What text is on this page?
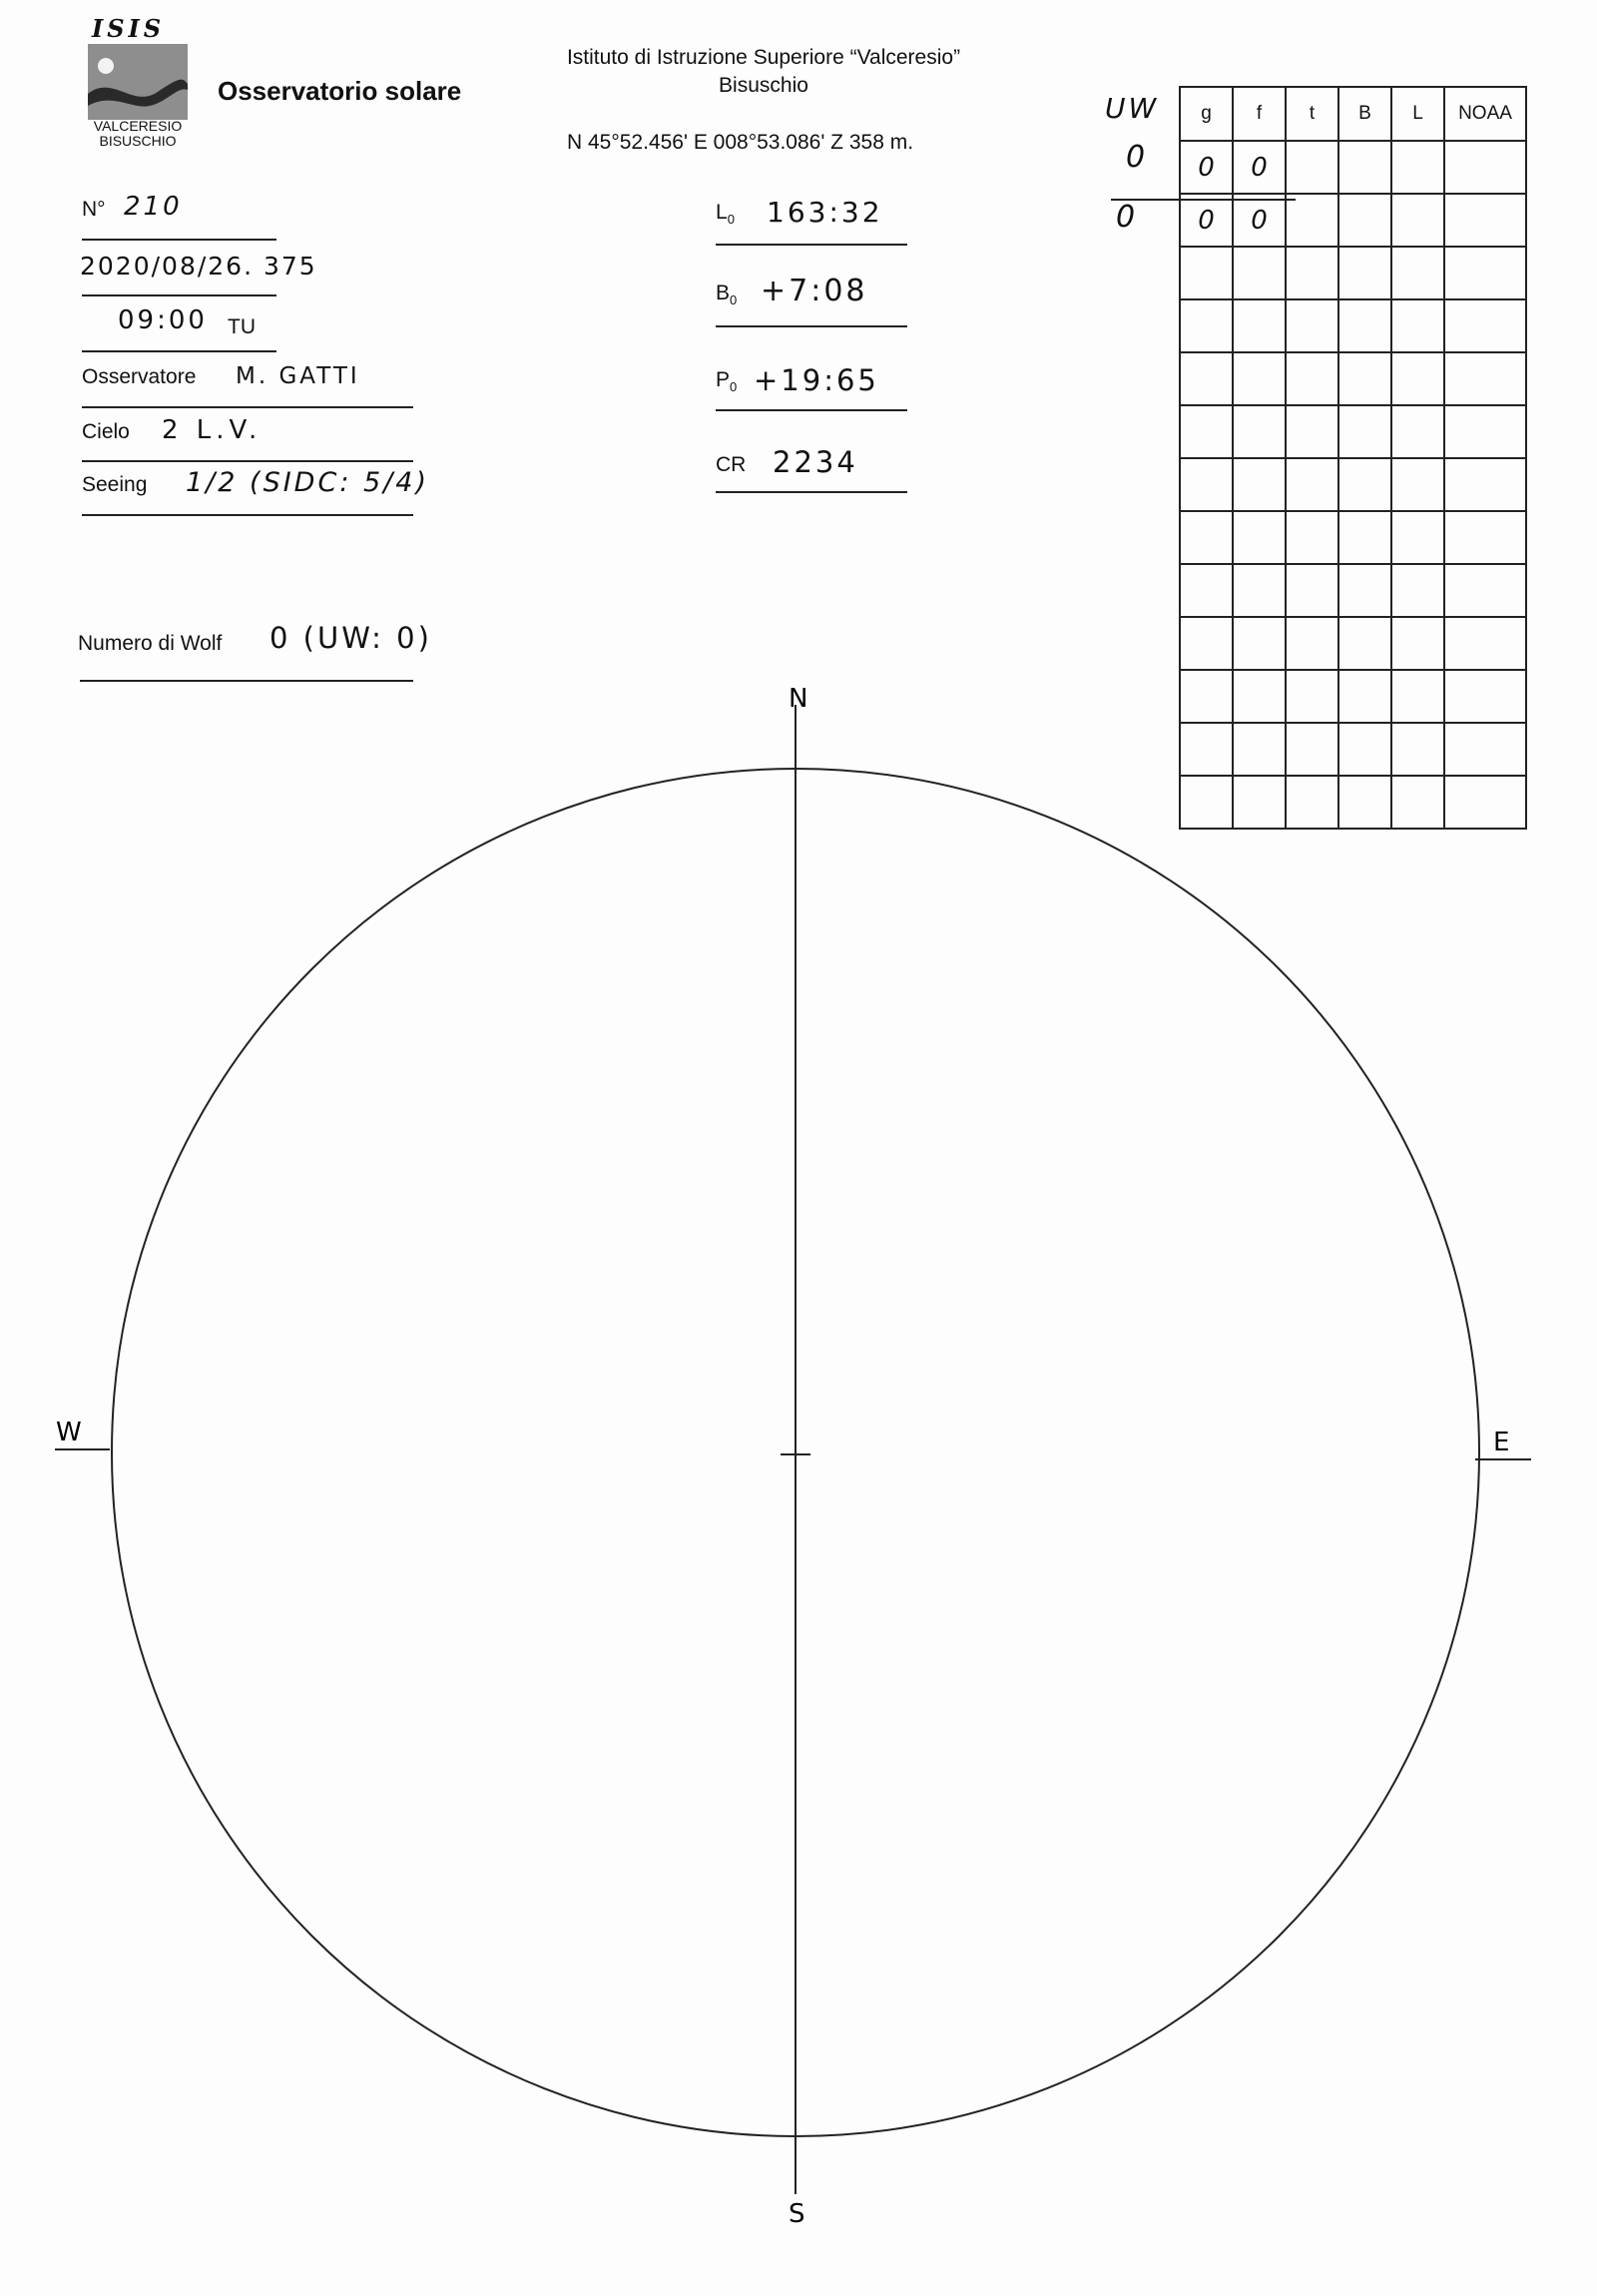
ISIS
VALCERESIO
BISUSCHIO
Osservatorio solare
Istituto di Istruzione Superiore “Valceresio”
Bisuschio
N 45°52.456' E 008°53.086' Z 358 m.
N° 210
2020/08/26. 375
09:00 TU
Osservatore M. GATTI
Cielo 2 L.V.
Seeing 1/2 (SIDC: 5/4)
Numero di Wolf 0 (UW: 0)
$L_0$ 163:32
$B_0$ +7:08
$P_0$ +19:65
CR 2234
UW
0
0
g	f	t	B	L	NOAA
0	0				
0	0				

N
S
E
W
